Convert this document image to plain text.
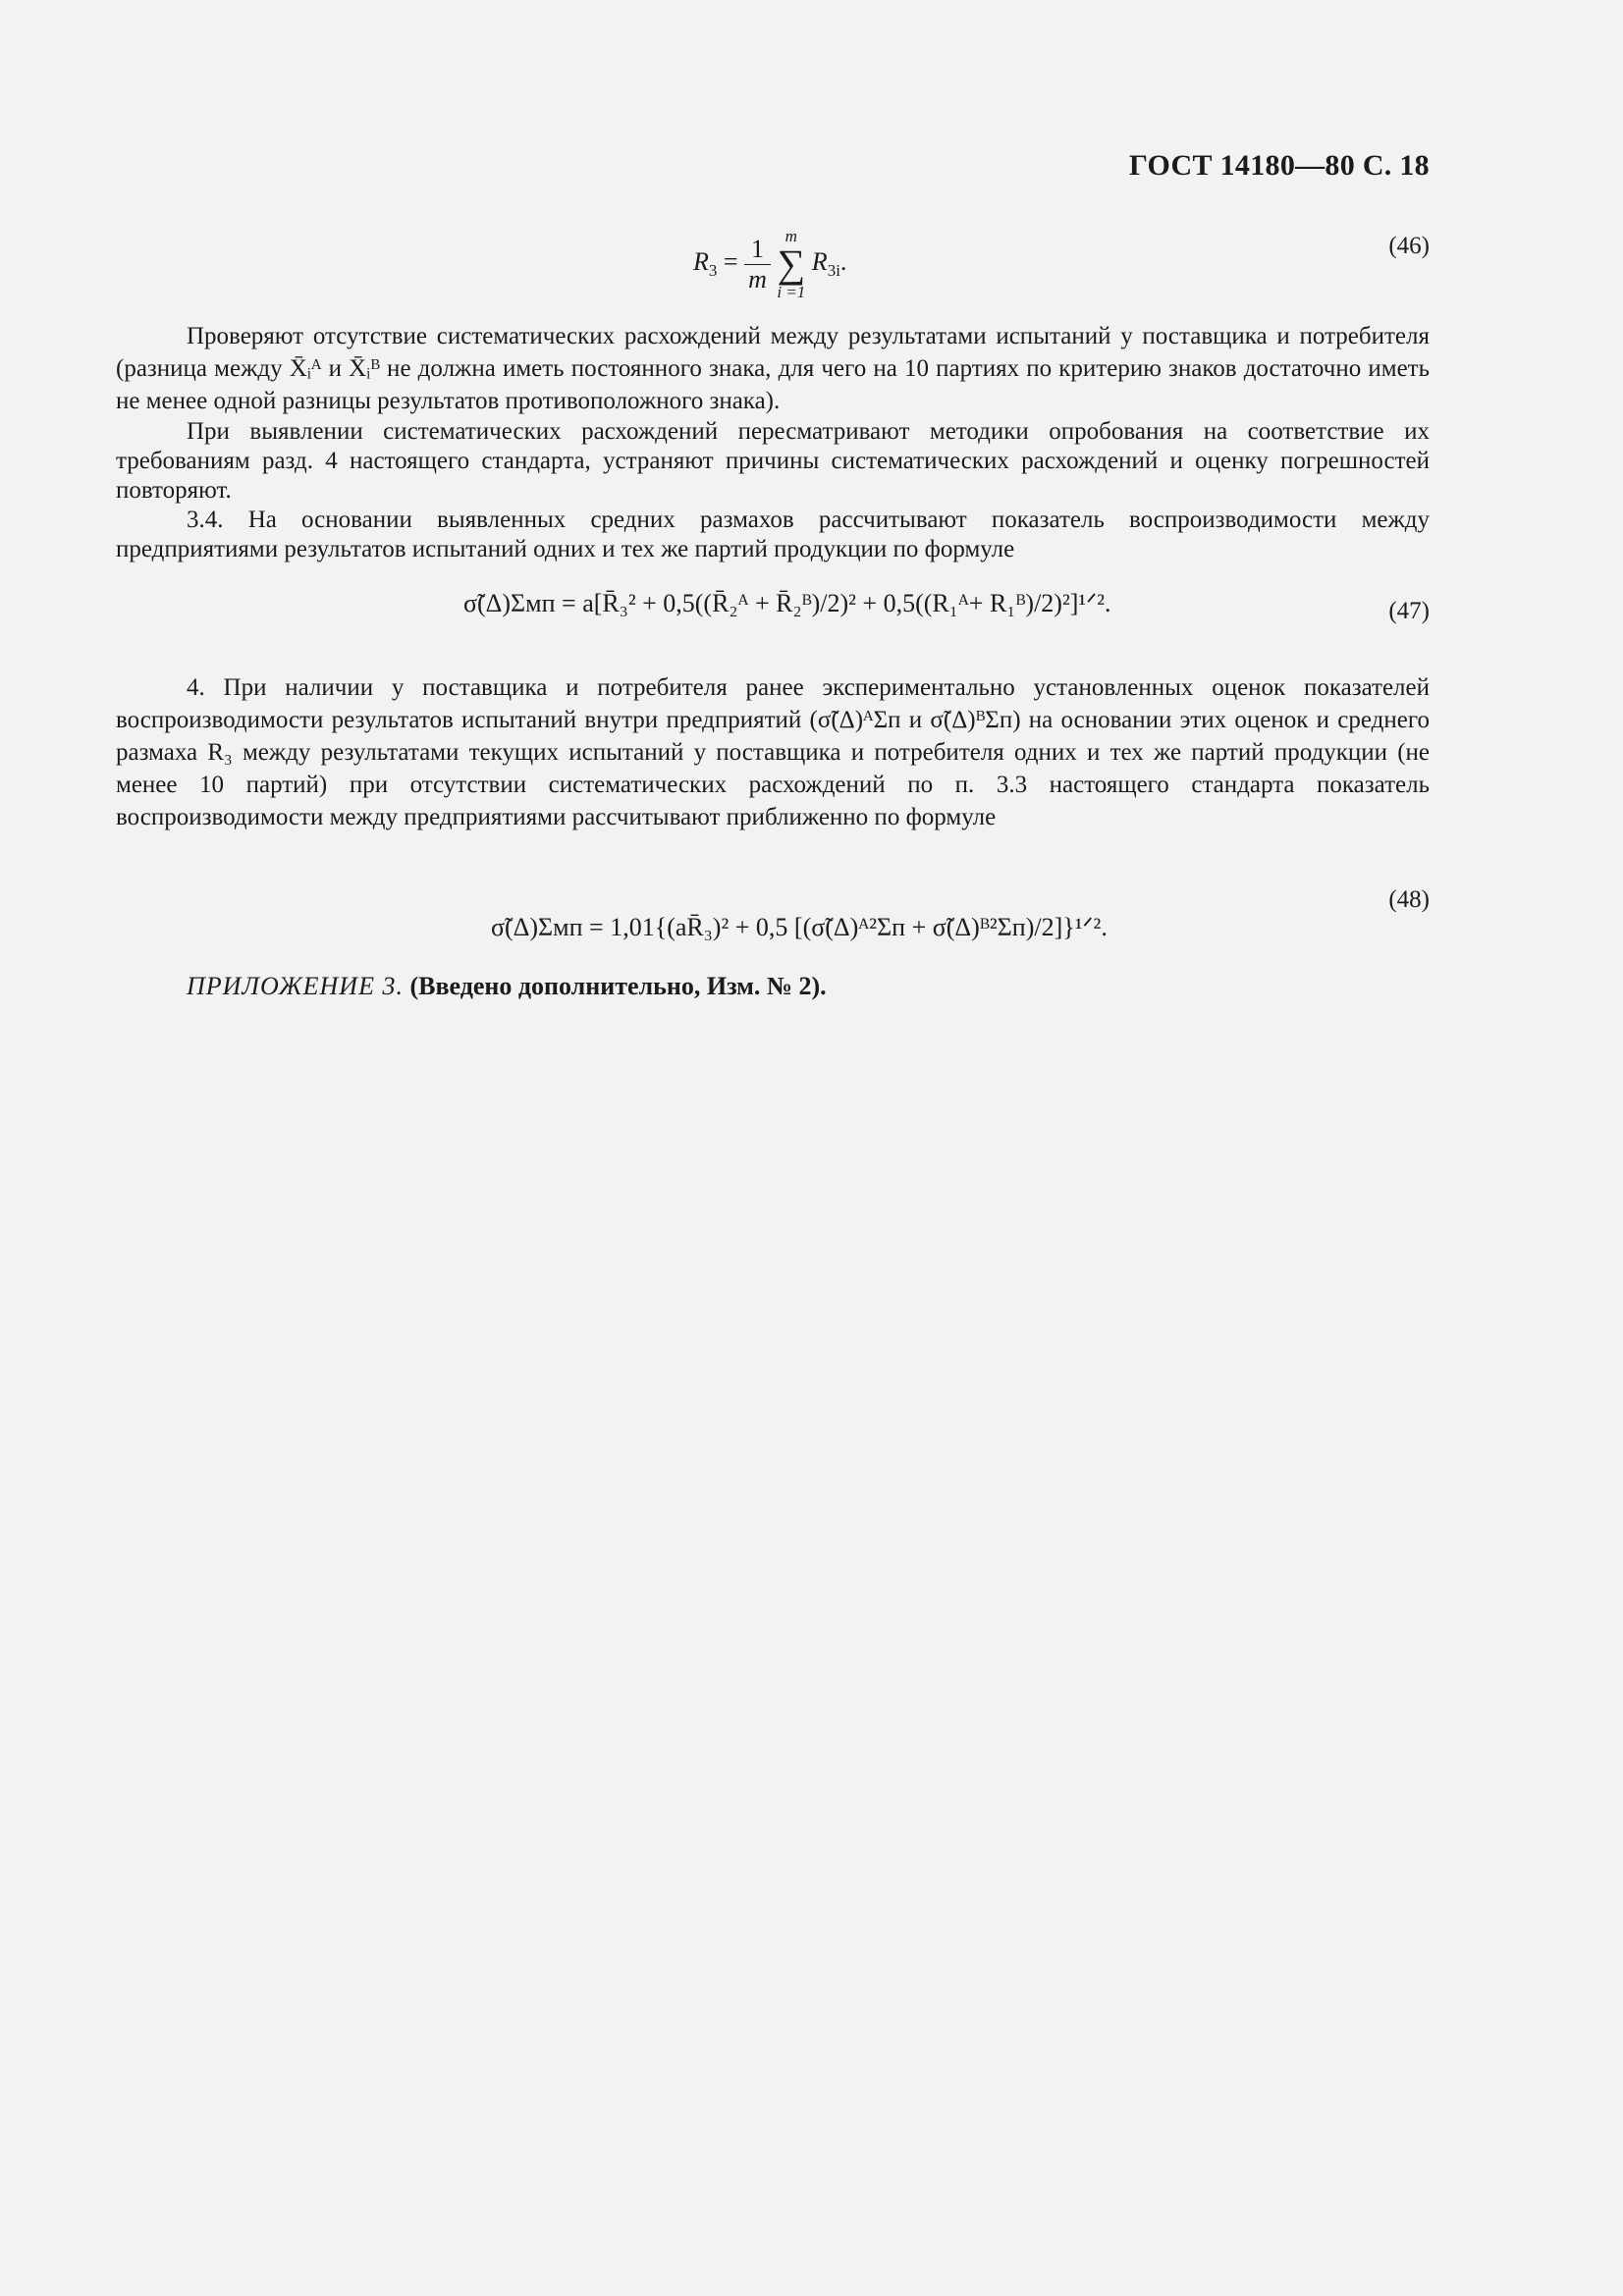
ГОСТ 14180—80 С. 18
$R_3 = \frac{1}{m}$
m
∑
i =1
$R_{3i}$.
(46)

Проверяют отсутствие систематических расхождений между результатами испытаний у поставщика и потребителя (разница между X̄ᵢᴬ и X̄ᵢᴮ не должна иметь постоянного знака, для чего на 10 партиях по критерию знаков достаточно иметь не менее одной разницы результатов противоположного знака).

При выявлении систематических расхождений пересматривают методики опробования на соответствие их требованиям разд. 4 настоящего стандарта, устраняют причины систематических расхождений и оценку погрешностей повторяют.

3.4. На основании выявленных средних размахов рассчитывают показатель воспроизводимости между предприятиями результатов испытаний одних и тех же партий продукции по формуле

σ̃(Δ)Σмп = a[R̄₃² + 0,5((R̄₂ᴬ + R̄₂ᴮ)/2)² + 0,5((R₁ᴬ+ R₁ᴮ)/2)²]¹ᐟ².	(47)

4. При наличии у поставщика и потребителя ранее экспериментально установленных оценок показателей воспроизводимости результатов испытаний внутри предприятий (σ̃(Δ)ᴬΣп и σ̃(Δ)ᴮΣп) на основании этих оценок и среднего размаха R₃ между результатами текущих испытаний у поставщика и потребителя одних и тех же партий продукции (не менее 10 партий) при отсутствии систематических расхождений по п. 3.3 настоящего стандарта показатель воспроизводимости между предприятиями рассчитывают приближенно по формуле

σ̃(Δ)Σмп = 1,01{(aR̄₃)² + 0,5 [(σ̃(Δ)ᴬ²Σп + σ̃(Δ)ᴮ²Σп)/2]}¹ᐟ².
(48)
ПРИЛОЖЕНИЕ 3. (Введено дополнительно, Изм. № 2).
